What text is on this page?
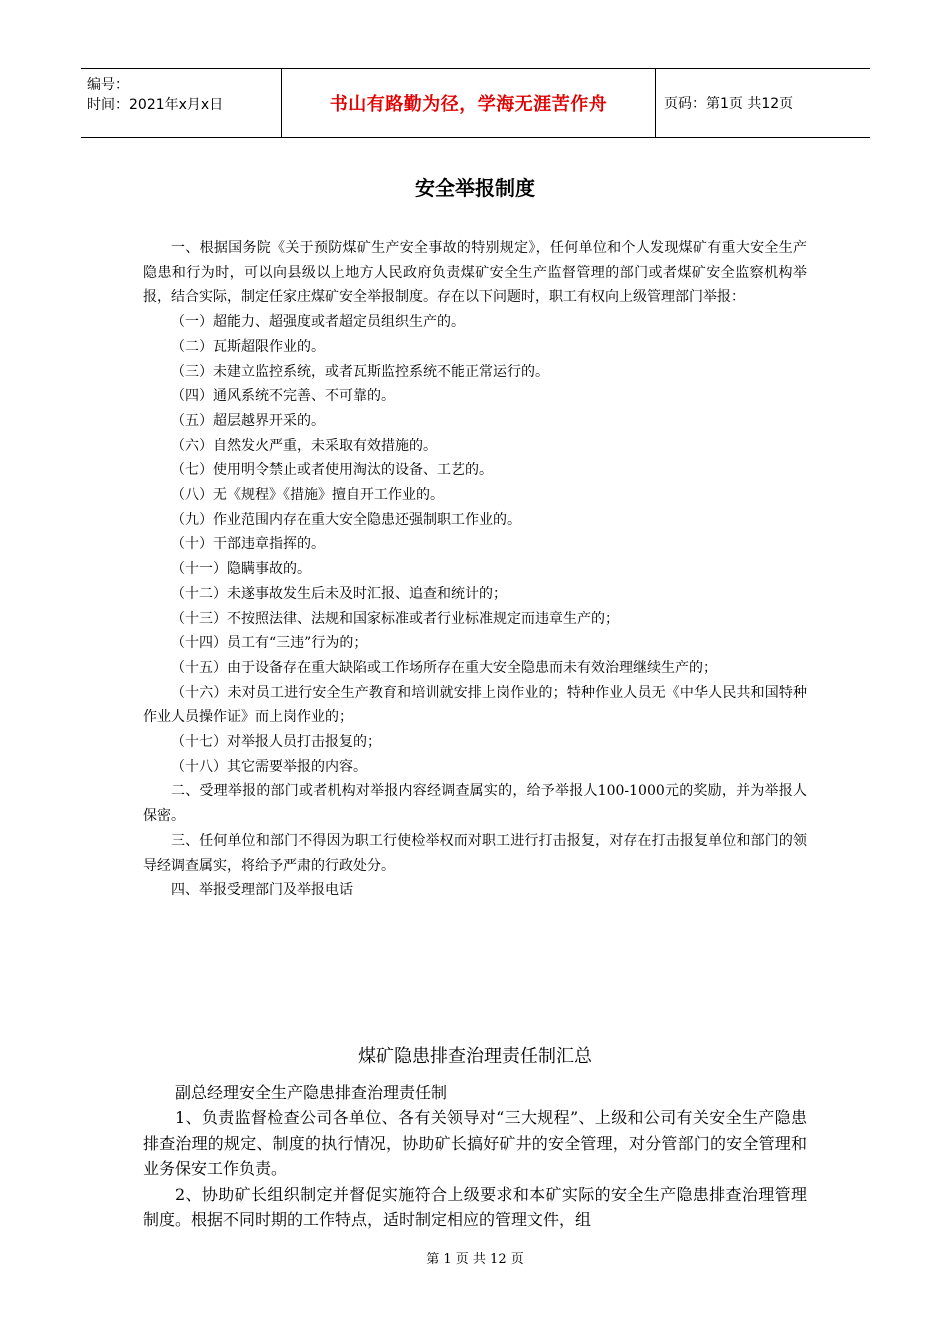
编号：
时间：2021年x月x日	书山有路勤为径，学海无涯苦作舟	页码：第1页 共12页
安全举报制度

一、根据国务院《关于预防煤矿生产安全事故的特别规定》，任何单位和个人发现煤矿有重大安全生产隐患和行为时，可以向县级以上地方人民政府负责煤矿安全生产监督管理的部门或者煤矿安全监察机构举报，结合实际，制定任家庄煤矿安全举报制度。存在以下问题时，职工有权向上级管理部门举报：

（一）超能力、超强度或者超定员组织生产的。

（二）瓦斯超限作业的。

（三）未建立监控系统，或者瓦斯监控系统不能正常运行的。

（四）通风系统不完善、不可靠的。

（五）超层越界开采的。

（六）自然发火严重，未采取有效措施的。

（七）使用明令禁止或者使用淘汰的设备、工艺的。

（八）无《规程》《措施》擅自开工作业的。

（九）作业范围内存在重大安全隐患还强制职工作业的。

（十）干部违章指挥的。

（十一）隐瞒事故的。

（十二）未遂事故发生后未及时汇报、追查和统计的；

（十三）不按照法律、法规和国家标准或者行业标准规定而违章生产的；

（十四）员工有“三违”行为的；

（十五）由于设备存在重大缺陷或工作场所存在重大安全隐患而未有效治理继续生产的；

（十六）未对员工进行安全生产教育和培训就安排上岗作业的；特种作业人员无《中华人民共和国特种作业人员操作证》而上岗作业的；

（十七）对举报人员打击报复的；

（十八）其它需要举报的内容。

二、受理举报的部门或者机构对举报内容经调查属实的，给予举报人100-1000元的奖励，并为举报人保密。

三、任何单位和部门不得因为职工行使检举权而对职工进行打击报复，对存在打击报复单位和部门的领导经调查属实，将给予严肃的行政处分。

四、举报受理部门及举报电话

煤矿隐患排查治理责任制汇总

副总经理安全生产隐患排查治理责任制

1、负责监督检查公司各单位、各有关领导对“三大规程”、上级和公司有关安全生产隐患排查治理的规定、制度的执行情况，协助矿长搞好矿井的安全管理，对分管部门的安全管理和业务保安工作负责。

2、协助矿长组织制定并督促实施符合上级要求和本矿实际的安全生产隐患排查治理管理制度。根据不同时期的工作特点，适时制定相应的管理文件，组

第 1 页 共 12 页
